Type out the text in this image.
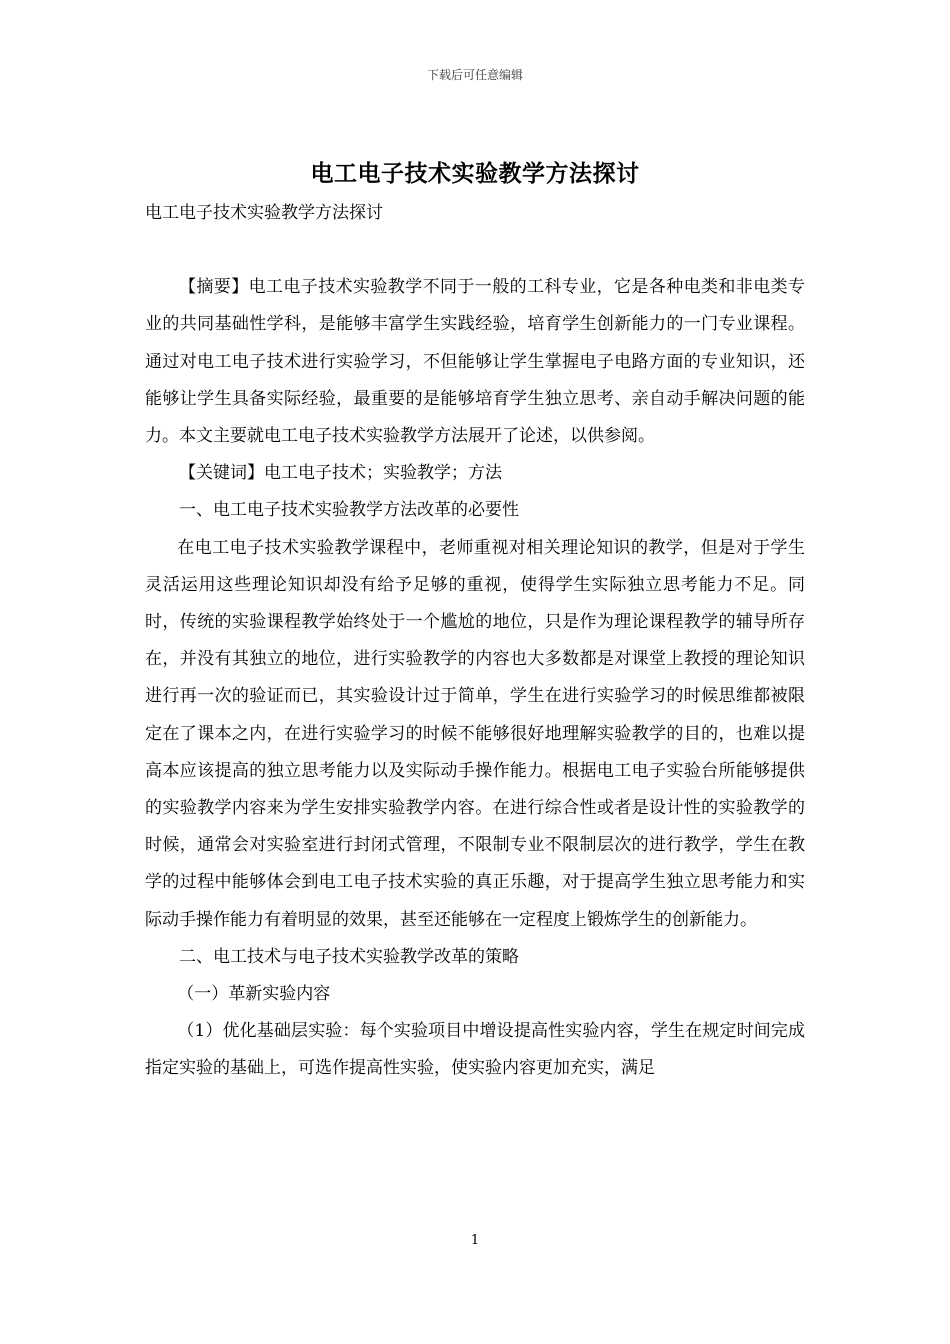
下载后可任意编辑
电工电子技术实验教学方法探讨

电工电子技术实验教学方法探讨

【摘要】电工电子技术实验教学不同于一般的工科专业，它是各种电类和非电类专业的共同基础性学科，是能够丰富学生实践经验，培育学生创新能力的一门专业课程。通过对电工电子技术进行实验学习，不但能够让学生掌握电子电路方面的专业知识，还能够让学生具备实际经验，最重要的是能够培育学生独立思考、亲自动手解决问题的能力。本文主要就电工电子技术实验教学方法展开了论述，以供参阅。

【关键词】电工电子技术；实验教学；方法

一、电工电子技术实验教学方法改革的必要性

在电工电子技术实验教学课程中，老师重视对相关理论知识的教学，但是对于学生灵活运用这些理论知识却没有给予足够的重视，使得学生实际独立思考能力不足。同时，传统的实验课程教学始终处于一个尴尬的地位，只是作为理论课程教学的辅导所存在，并没有其独立的地位，进行实验教学的内容也大多数都是对课堂上教授的理论知识进行再一次的验证而已，其实验设计过于简单，学生在进行实验学习的时候思维都被限定在了课本之内，在进行实验学习的时候不能够很好地理解实验教学的目的，也难以提高本应该提高的独立思考能力以及实际动手操作能力。根据电工电子实验台所能够提供的实验教学内容来为学生安排实验教学内容。在进行综合性或者是设计性的实验教学的时候，通常会对实验室进行封闭式管理，不限制专业不限制层次的进行教学，学生在教学的过程中能够体会到电工电子技术实验的真正乐趣，对于提高学生独立思考能力和实际动手操作能力有着明显的效果，甚至还能够在一定程度上锻炼学生的创新能力。

二、电工技术与电子技术实验教学改革的策略

（一）革新实验内容

（1）优化基础层实验：每个实验项目中增设提高性实验内容，学生在规定时间完成指定实验的基础上，可选作提高性实验，使实验内容更加充实，满足

1
